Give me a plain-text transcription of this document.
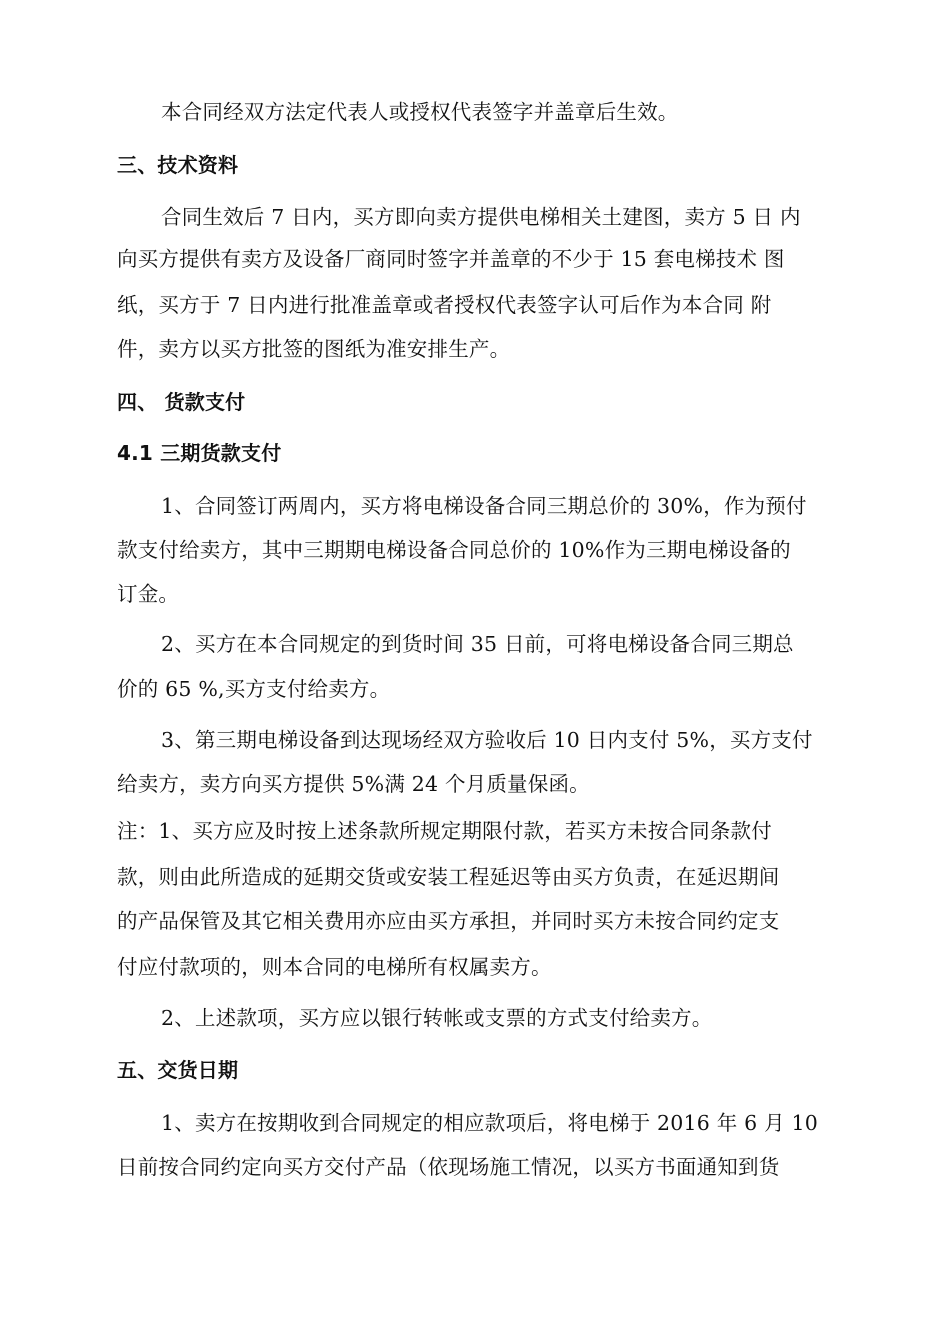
本合同经双方法定代表人或授权代表签字并盖章后生效。
三、技术资料
合同生效后 7 日内，买方即向卖方提供电梯相关土建图，卖方 5 日 内
向买方提供有卖方及设备厂商同时签字并盖章的不少于 15 套电梯技术 图
纸，买方于 7 日内进行批准盖章或者授权代表签字认可后作为本合同 附
件，卖方以买方批签的图纸为准安排生产。
四、 货款支付
4.1 三期货款支付
1、合同签订两周内，买方将电梯设备合同三期总价的 30%，作为预付
款支付给卖方，其中三期期电梯设备合同总价的 10%作为三期电梯设备的
订金。
2、买方在本合同规定的到货时间 35 日前，可将电梯设备合同三期总
价的 65 %,买方支付给卖方。
3、第三期电梯设备到达现场经双方验收后 10 日内支付 5%，买方支付
给卖方，卖方向买方提供 5%满 24 个月质量保函。
注：1、买方应及时按上述条款所规定期限付款，若买方未按合同条款付
款，则由此所造成的延期交货或安装工程延迟等由买方负责，在延迟期间
的产品保管及其它相关费用亦应由买方承担，并同时买方未按合同约定支
付应付款项的，则本合同的电梯所有权属卖方。
2、上述款项，买方应以银行转帐或支票的方式支付给卖方。
五、交货日期
1、卖方在按期收到合同规定的相应款项后，将电梯于 2016 年 6 月 10
日前按合同约定向买方交付产品（依现场施工情况，以买方书面通知到货
